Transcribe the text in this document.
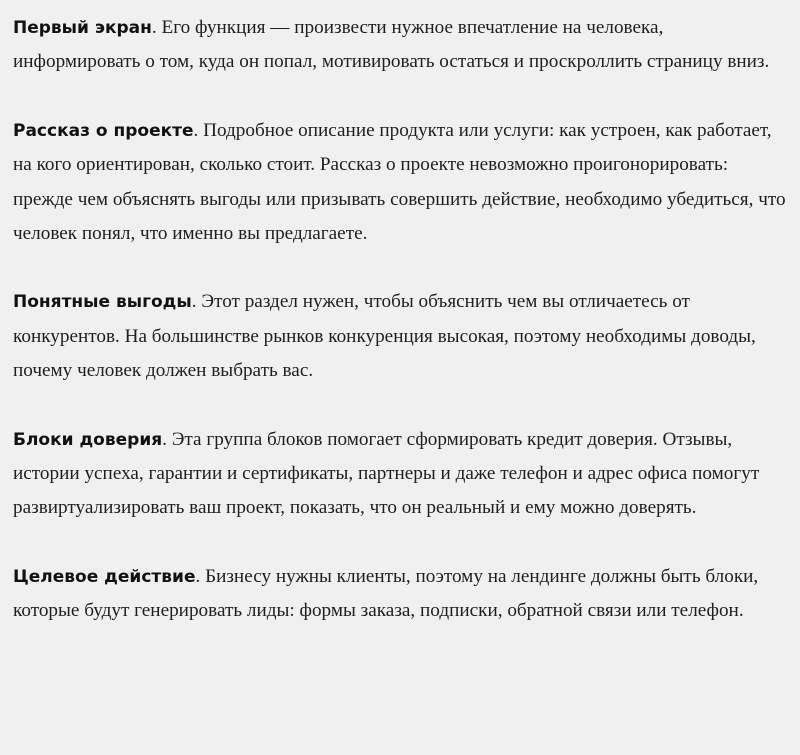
Первый экран. Его функция — произвести нужное впечатление на человека, информировать о том, куда он попал, мотивировать остаться и проскроллить страницу вниз.

Рассказ о проекте. Подробное описание продукта или услуги: как устроен, как работает, на кого ориентирован, сколько стоит. Рассказ о проекте невозможно проигонорировать: прежде чем объяснять выгоды или призывать совершить действие, необходимо убедиться, что человек понял, что именно вы предлагаете.

Понятные выгоды. Этот раздел нужен, чтобы объяснить чем вы отличаетесь от конкурентов. На большинстве рынков конкуренция высокая, поэтому необходимы доводы, почему человек должен выбрать вас.

Блоки доверия. Эта группа блоков помогает сформировать кредит доверия. Отзывы, истории успеха, гарантии и сертификаты, партнеры и даже телефон и адрес офиса помогут развиртуализировать ваш проект, показать, что он реальный и ему можно доверять.

Целевое действие. Бизнесу нужны клиенты, поэтому на лендинге должны быть блоки, которые будут генерировать лиды: формы заказа, подписки, обратной связи или телефон.
